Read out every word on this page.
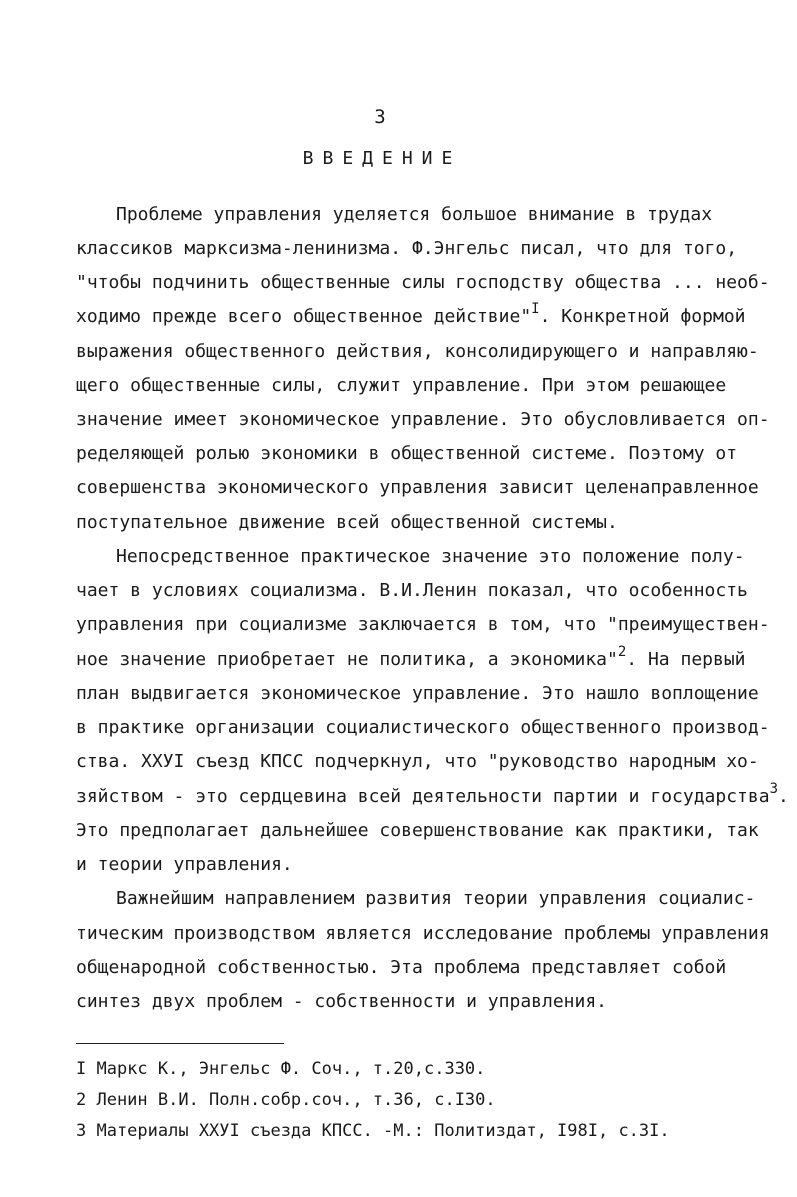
3
ВВЕДЕНИЕ
Проблеме управления уделяется большое внимание в трудах
классиков марксизма-ленинизма. Ф.Энгельс писал, что для того,
"чтобы подчинить общественные силы господству общества ... необ-
ходимо прежде всего общественное действие"$^I$. Конкретной формой
выражения общественного действия, консолидирующего и направляю-
щего общественные силы, служит управление. При этом решающее
значение имеет экономическое управление. Это обусловливается оп-
ределяющей ролью экономики в общественной системе. Поэтому от
совершенства экономического управления зависит целенаправленное
поступательное движение всей общественной системы.
Непосредственное практическое значение это положение полу-
чает в условиях социализма. В.И.Ленин показал, что особенность
управления при социализме заключается в том, что "преимуществен-
ное значение приобретает не политика, а экономика"$^2$. На первый
план выдвигается экономическое управление. Это нашло воплощение
в практике организации социалистического общественного производ-
ства. XXУI съезд КПСС подчеркнул, что "руководство народным хо-
зяйством - это сердцевина всей деятельности партии и государства$^3$.
Это предполагает дальнейшее совершенствование как практики, так
и теории управления.
Важнейшим направлением развития теории управления социалис-
тическим производством является исследование проблемы управления
общенародной собственностью. Эта проблема представляет собой
синтез двух проблем - собственности и управления.
I Маркс К., Энгельс Ф. Соч., т.20,с.330.
2 Ленин В.И. Полн.собр.соч., т.36, с.I30.
3 Материалы XXУI съезда КПСС. -М.: Политиздат, I98I, с.3I.
